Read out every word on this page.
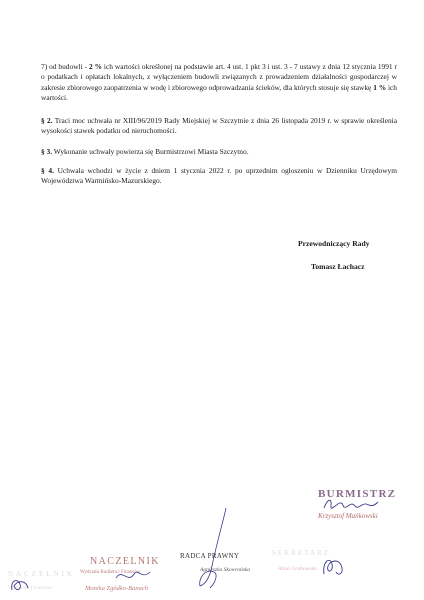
7) od budowli - 2 % ich wartości określonej na podstawie art. 4 ust. 1 pkt 3 i ust. 3 - 7 ustawy z dnia 12 stycznia 1991 r o podatkach i opłatach lokalnych, z wyłączeniem budowli związanych z prowadzeniem działalności gospodarczej w zakresie zbiorowego zaopatrzenia w wodę i zbiorowego odprowadzania ścieków, dla których stosuje się stawkę 1 % ich wartości.

§ 2. Traci moc uchwała nr XIII/96/2019 Rady Miejskiej w Szczytnie z dnia 26 listopada 2019 r. w sprawie określenia wysokości stawek podatku od nieruchomości.

§ 3. Wykonanie uchwały powierza się Burmistrzowi Miasta Szczytno.

§ 4. Uchwała wchodzi w życie z dniem 1 stycznia 2022 r. po uprzednim ogłoszeniu w Dzienniku Urzędowym Województwa Warmińsko-Mazurskiego.

Przewodniczący Rady
Tomasz Łachacz
NACZELNIK
Wydziału Finansów
NACZELNIK
Wydziału Budżetu i Finansów
Monika Zgódko-Banach
RADCA PRAWNY
Agnieszka Skowrońska
SEKRETARZ
Alina Grabowska
BURMISTRZ
Krzysztof Mańkowski
